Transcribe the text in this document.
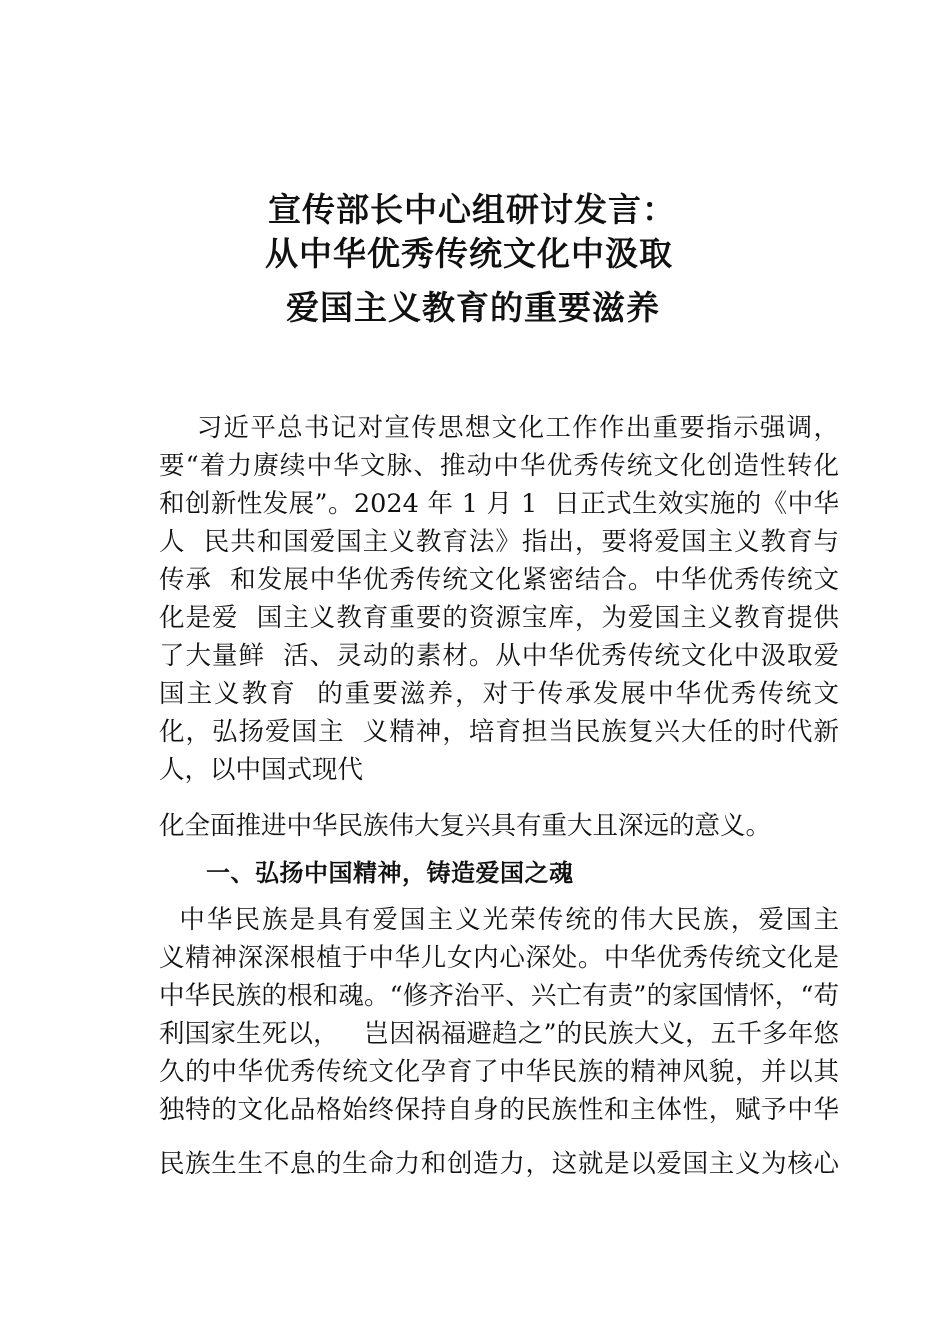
宣传部长中心组研讨发言：
从中华优秀传统文化中汲取
爱国主义教育的重要滋养
习近平总书记对宣传思想文化工作作出重要指示强调，
要“着力赓续中华文脉、推动中华优秀传统文化创造性转化
和创新性发展”。2024 年 1 月 1  日正式生效实施的《中华
人  民共和国爱国主义教育法》指出，要将爱国主义教育与
传承  和发展中华优秀传统文化紧密结合。中华优秀传统文
化是爱  国主义教育重要的资源宝库，为爱国主义教育提供
了大量鲜  活、灵动的素材。从中华优秀传统文化中汲取爱
国主义教育  的重要滋养，对于传承发展中华优秀传统文
化，弘扬爱国主  义精神，培育担当民族复兴大任的时代新
人，以中国式现代
化全面推进中华民族伟大复兴具有重大且深远的意义。
一、弘扬中国精神，铸造爱国之魂
中华民族是具有爱国主义光荣传统的伟大民族，爱国主
义精神深深根植于中华儿女内心深处。中华优秀传统文化是
中华民族的根和魂。“修齐治平、兴亡有责”的家国情怀，“苟
利国家生死以，   岂因祸福避趋之”的民族大义，五千多年悠
久的中华优秀传统文化孕育了中华民族的精神风貌，并以其
独特的文化品格始终保持自身的民族性和主体性，赋予中华
民族生生不息的生命力和创造力，这就是以爱国主义为核心
